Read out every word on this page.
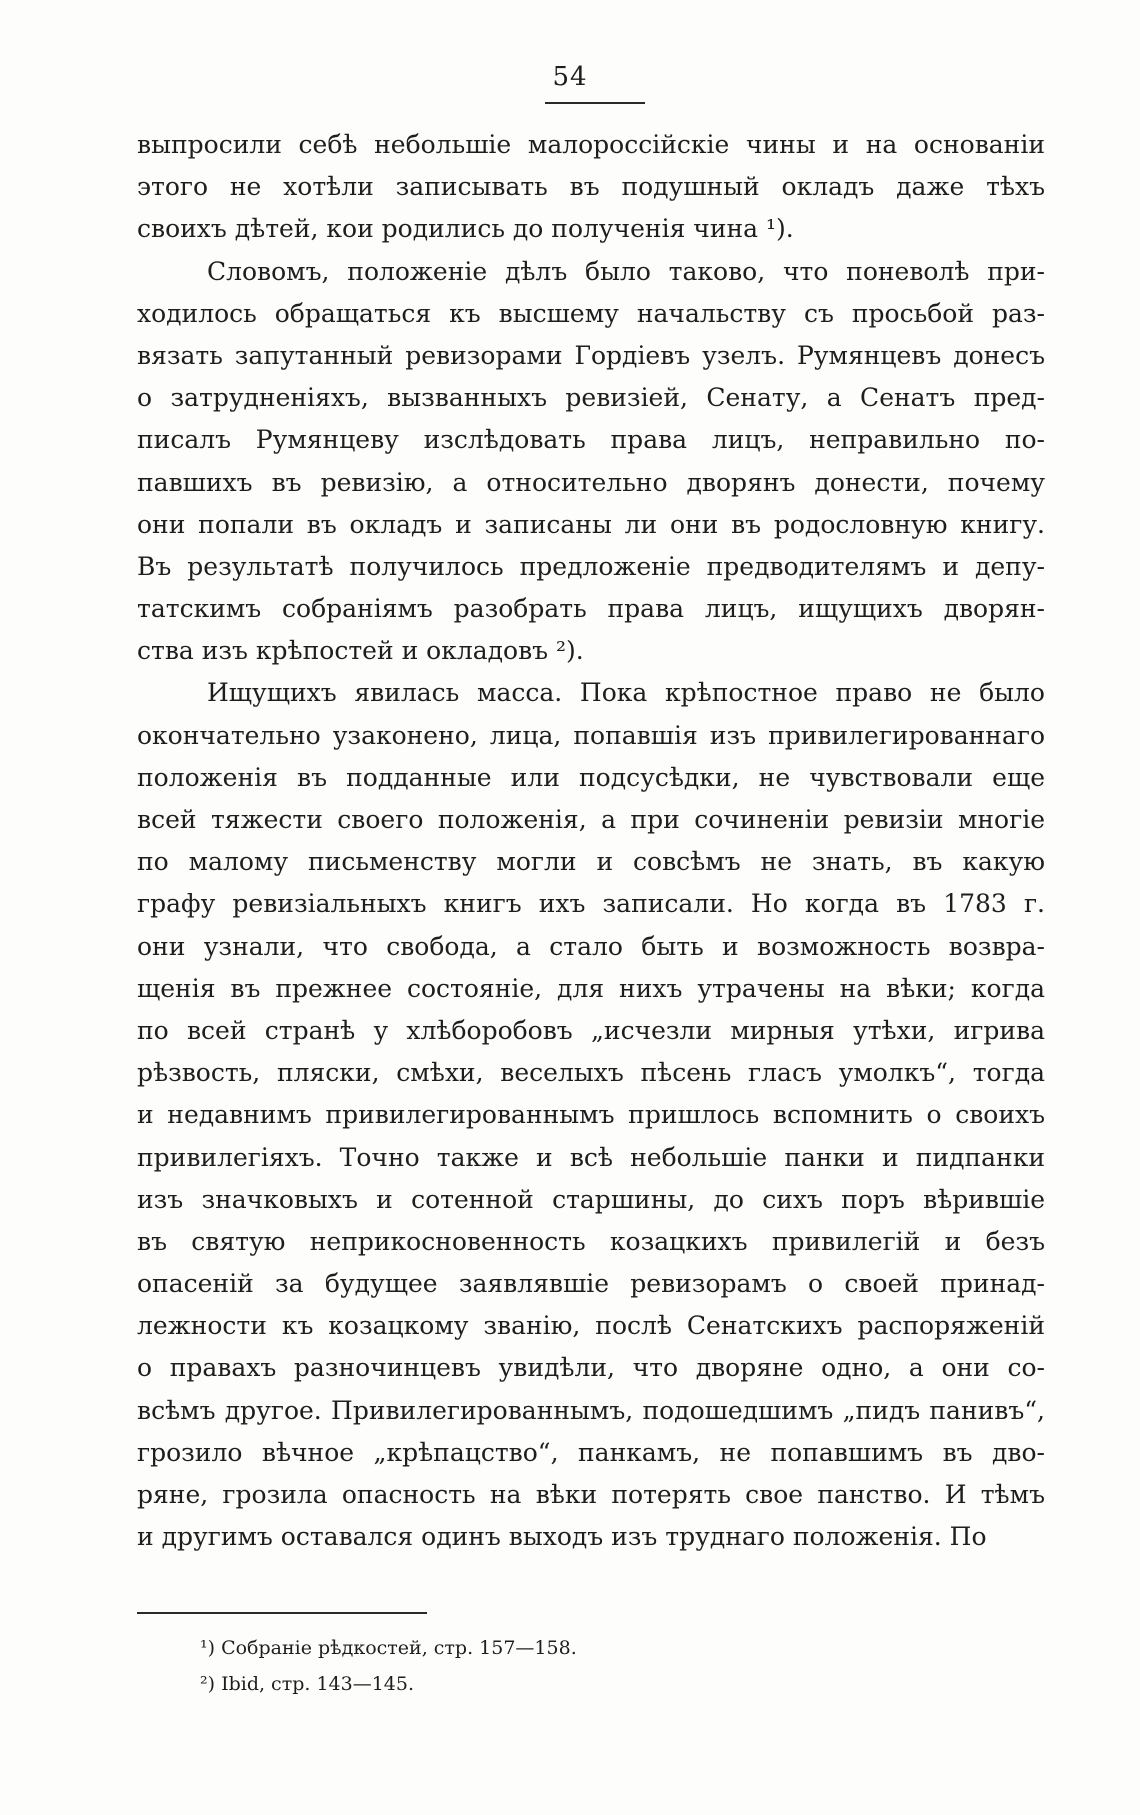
54
выпросили себѣ небольшіе малороссійскіе чины и на основаніи
этого не хотѣли записывать въ подушный окладъ даже тѣхъ
своихъ дѣтей, кои родились до полученія чина ¹).
Словомъ, положеніе дѣлъ было таково, что поневолѣ при-
ходилось обращаться къ высшему начальству съ просьбой раз-
вязать запутанный ревизорами Гордіевъ узелъ. Румянцевъ донесъ
о затрудненіяхъ, вызванныхъ ревизіей, Сенату, а Сенатъ пред-
писалъ Румянцеву изслѣдовать права лицъ, неправильно по-
павшихъ въ ревизію, а относительно дворянъ донести, почему
они попали въ окладъ и записаны ли они въ родословную книгу.
Въ результатѣ получилось предложеніе предводителямъ и депу-
татскимъ собраніямъ разобрать права лицъ, ищущихъ дворян-
ства изъ крѣпостей и окладовъ ²).
Ищущихъ явилась масса. Пока крѣпостное право не было
окончательно узаконено, лица, попавшія изъ привилегированнаго
положенія въ подданные или подсусѣдки, не чувствовали еще
всей тяжести своего положенія, а при сочиненіи ревизіи многіе
по малому письменству могли и совсѣмъ не знать, въ какую
графу ревизіальныхъ книгъ ихъ записали. Но когда въ 1783 г.
они узнали, что свобода, а стало быть и возможность возвра-
щенія въ прежнее состояніе, для нихъ утрачены на вѣки; когда
по всей странѣ у хлѣборобовъ „исчезли мирныя утѣхи, игрива
рѣзвость, пляски, смѣхи, веселыхъ пѣсень гласъ умолкъ“, тогда
и недавнимъ привилегированнымъ пришлось вспомнить о своихъ
привилегіяхъ. Точно также и всѣ небольшіе панки и пидпанки
изъ значковыхъ и сотенной старшины, до сихъ поръ вѣрившіе
въ святую неприкосновенность козацкихъ привилегій и безъ
опасеній за будущее заявлявшіе ревизорамъ о своей принад-
лежности къ козацкому званію, послѣ Сенатскихъ распоряженій
о правахъ разночинцевъ увидѣли, что дворяне одно, а они со-
всѣмъ другое. Привилегированнымъ, подошедшимъ „пидъ панивъ“,
грозило вѣчное „крѣпацство“, панкамъ, не попавшимъ въ дво-
ряне, грозила опасность на вѣки потерять свое панство. И тѣмъ
и другимъ оставался одинъ выходъ изъ труднаго положенія. По
¹) Собраніе рѣдкостей, стр. 157—158.
²) Ibid, стр. 143—145.
